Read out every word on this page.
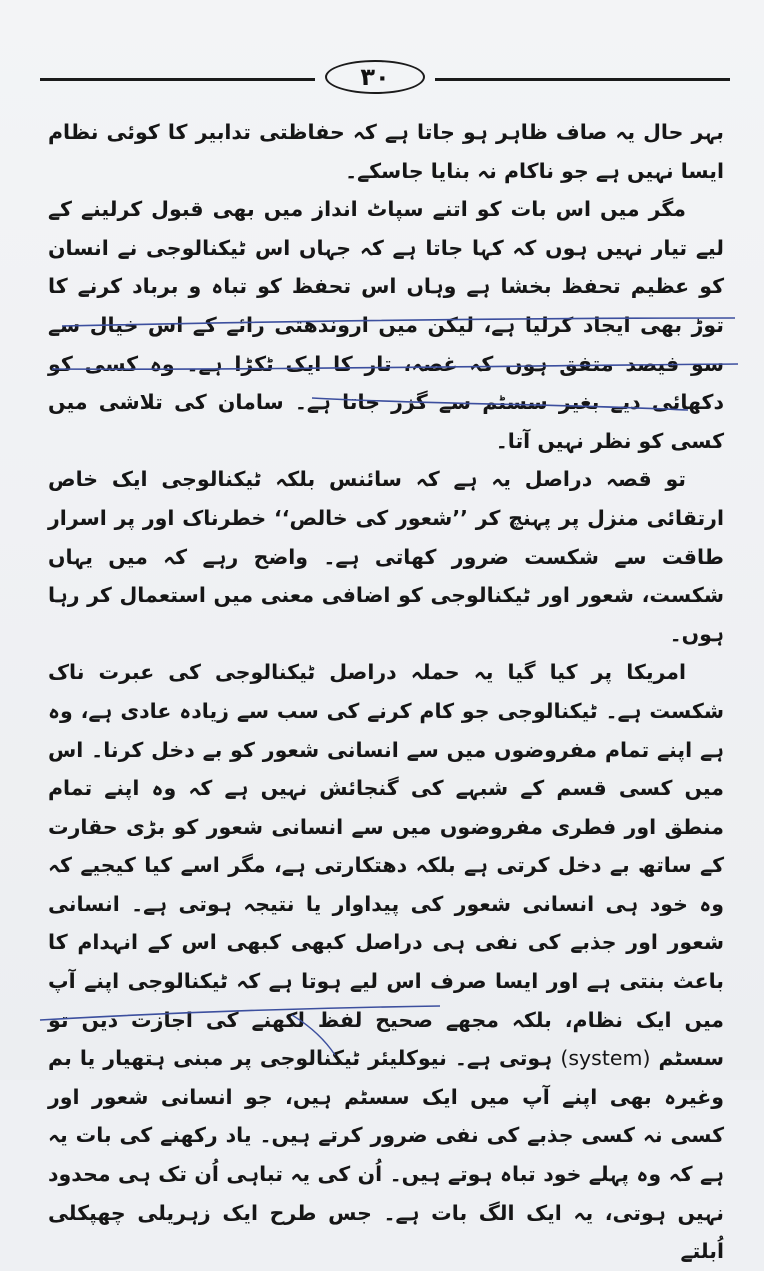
۳۰

بہر حال یہ صاف ظاہر ہو جاتا ہے کہ حفاظتی تدابیر کا کوئی نظام ایسا نہیں ہے جو ناکام نہ بنایا جاسکے۔

مگر میں اس بات کو اتنے سپاٹ انداز میں بھی قبول کرلینے کے لیے تیار نہیں ہوں کہ کہا جاتا ہے کہ جہاں اس ٹیکنالوجی نے انسان کو عظیم تحفظ بخشا ہے وہاں اس تحفظ کو تباہ و برباد کرنے کا توڑ بھی ایجاد کرلیا ہے، لیکن میں اروندھتی رائے کے اس خیال سے سو فیصد متفق ہوں کہ غصہ، تار کا ایک ٹکڑا ہے۔ وہ کسی کو دکھائی دیے بغیر سسٹم سے گزر جاتا ہے۔ سامان کی تلاشی میں کسی کو نظر نہیں آتا۔

تو قصہ دراصل یہ ہے کہ سائنس بلکہ ٹیکنالوجی ایک خاص ارتقائی منزل پر پہنچ کر ’’شعور کی خالص‘‘ خطرناک اور پر اسرار طاقت سے شکست ضرور کھاتی ہے۔ واضح رہے کہ میں یہاں شکست، شعور اور ٹیکنالوجی کو اضافی معنی میں استعمال کر رہا ہوں۔

امریکا پر کیا گیا یہ حملہ دراصل ٹیکنالوجی کی عبرت ناک شکست ہے۔ ٹیکنالوجی جو کام کرنے کی سب سے زیادہ عادی ہے، وہ ہے اپنے تمام مفروضوں میں سے انسانی شعور کو بے دخل کرنا۔ اس میں کسی قسم کے شبہے کی گنجائش نہیں ہے کہ وہ اپنے تمام منطق اور فطری مفروضوں میں سے انسانی شعور کو بڑی حقارت کے ساتھ بے دخل کرتی ہے بلکہ دھتکارتی ہے، مگر اسے کیا کیجیے کہ وہ خود ہی انسانی شعور کی پیداوار یا نتیجہ ہوتی ہے۔ انسانی شعور اور جذبے کی نفی ہی دراصل کبھی کبھی اس کے انہدام کا باعث بنتی ہے اور ایسا صرف اس لیے ہوتا ہے کہ ٹیکنالوجی اپنے آپ میں ایک نظام، بلکہ مجھے صحیح لفظ لکھنے کی اجازت دیں تو سسٹم (system) ہوتی ہے۔ نیوکلیئر ٹیکنالوجی پر مبنی ہتھیار یا بم وغیرہ بھی اپنے آپ میں ایک سسٹم ہیں، جو انسانی شعور اور کسی نہ کسی جذبے کی نفی ضرور کرتے ہیں۔ یاد رکھنے کی بات یہ ہے کہ وہ پہلے خود تباہ ہوتے ہیں۔ اُن کی یہ تباہی اُن تک ہی محدود نہیں ہوتی، یہ ایک الگ بات ہے۔ جس طرح ایک زہریلی چھپکلی اُبلتے
